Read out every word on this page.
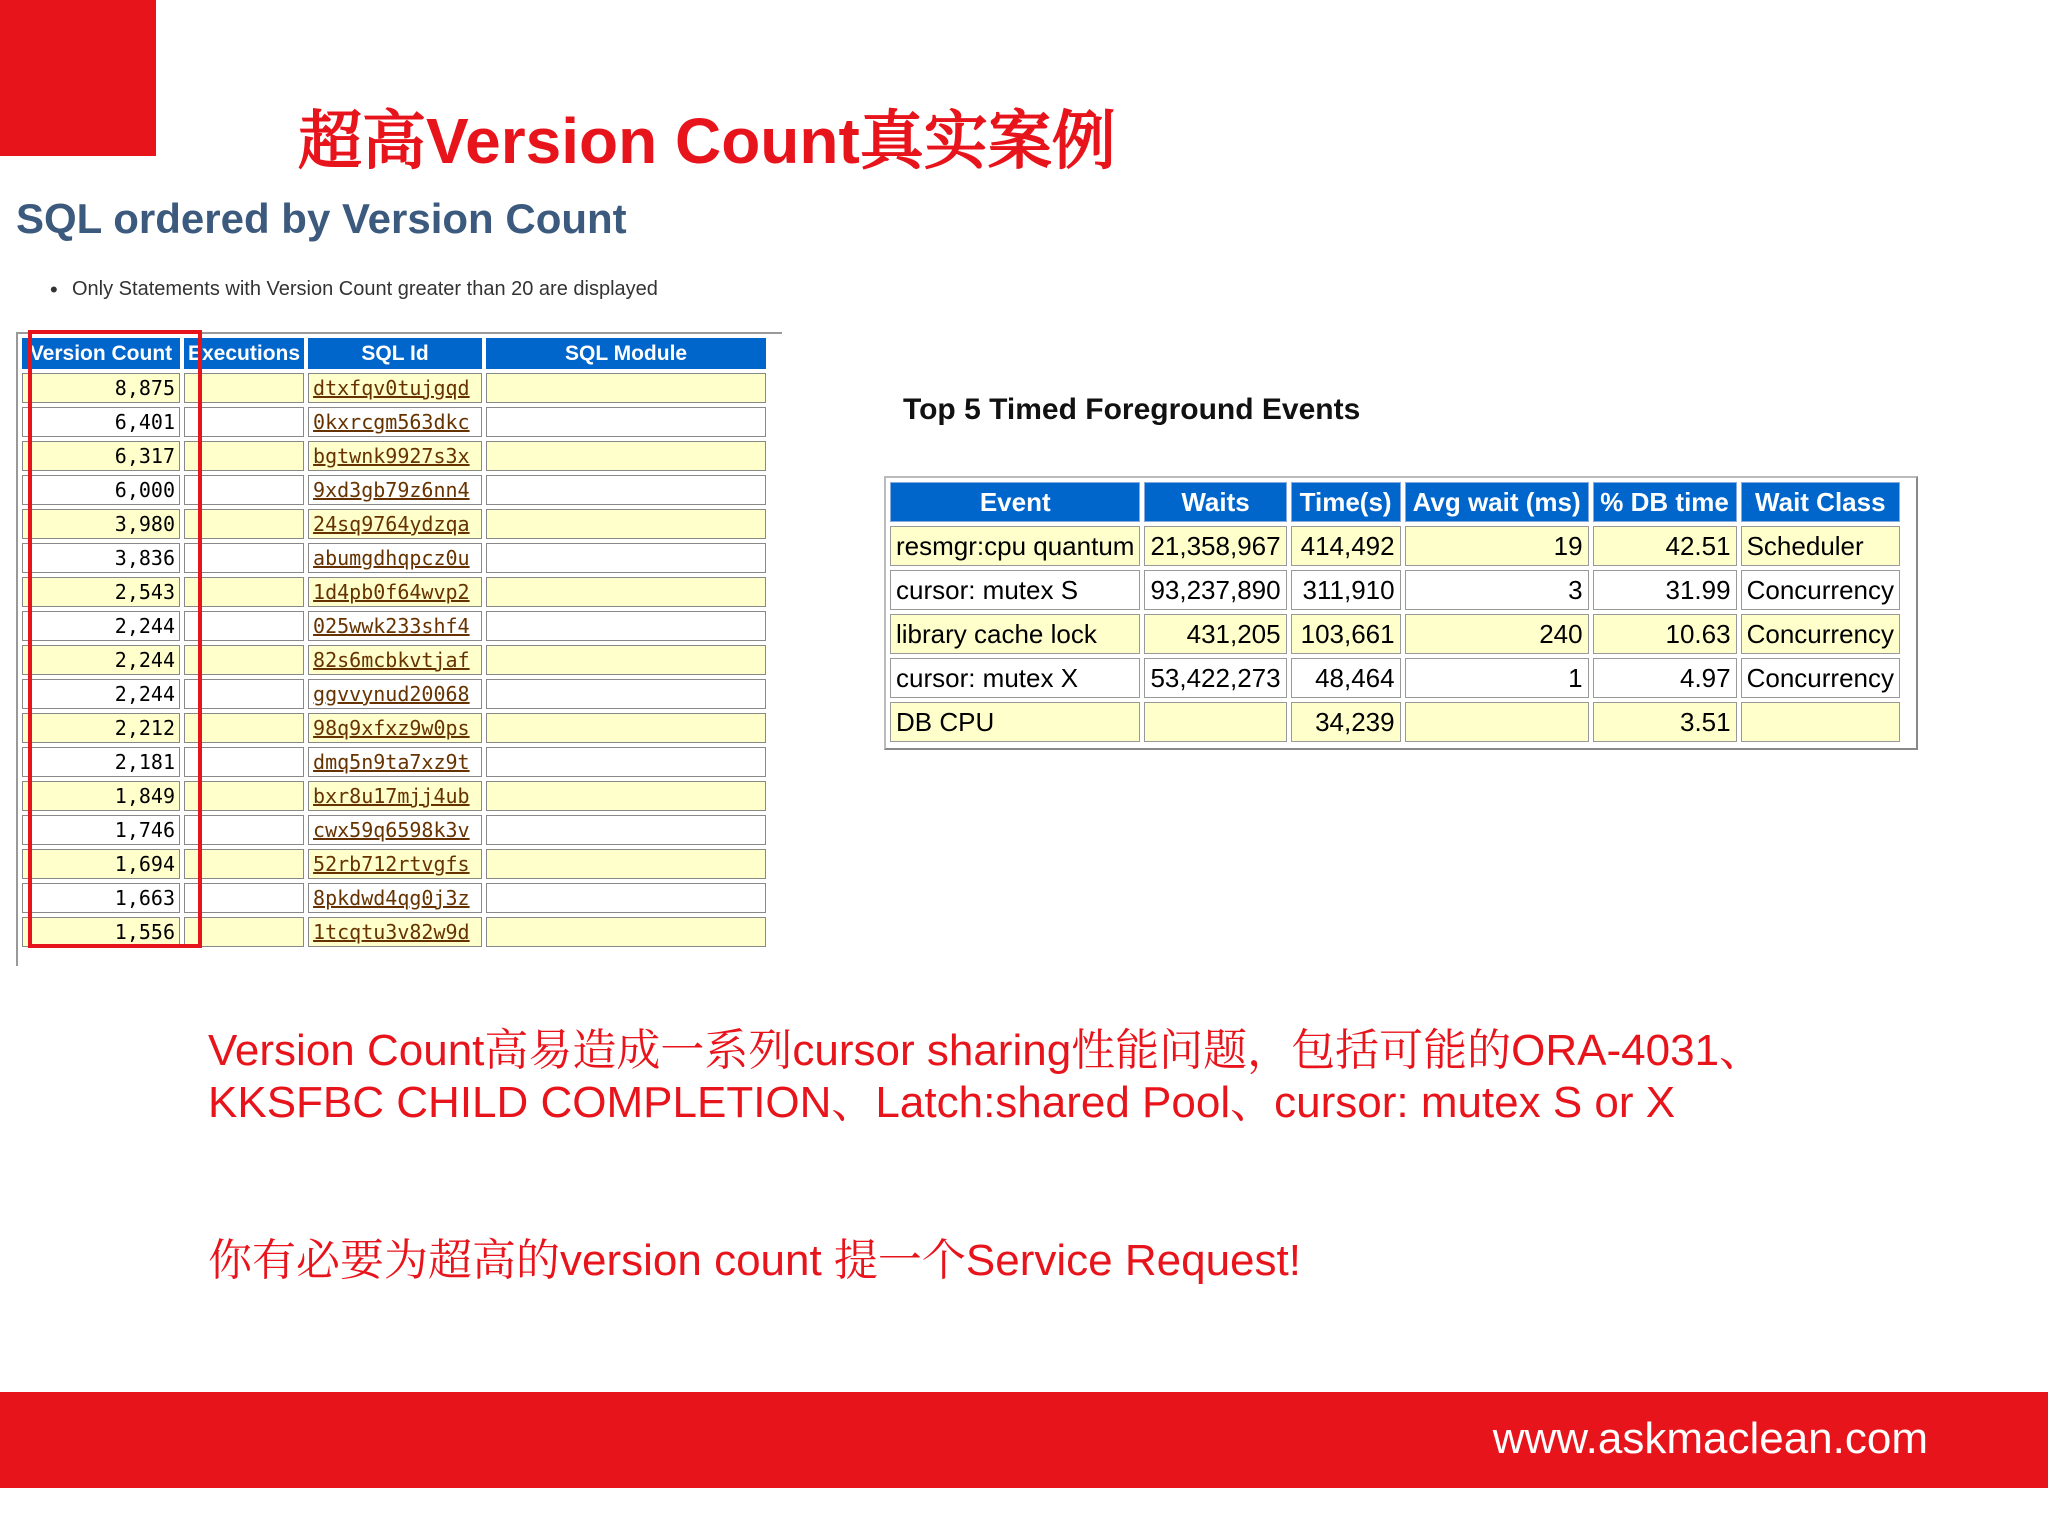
超高Version Count真实案例
SQL ordered by Version Count
• Only Statements with Version Count greater than 20 are displayed
Version Count	Executions	SQL Id	SQL Module
8,875		dtxfqv0tujgqd	
6,401		0kxrcgm563dkc	
6,317		bgtwnk9927s3x	
6,000		9xd3gb79z6nn4	
3,980		24sq9764ydzqa	
3,836		abumgdhqpcz0u	
2,543		1d4pb0f64wvp2	
2,244		025wwk233shf4	
2,244		82s6mcbkvtjaf	
2,244		ggvvynud20068	
2,212		98q9xfxz9w0ps	
2,181		dmq5n9ta7xz9t	
1,849		bxr8u17mjj4ub	
1,746		cwx59q6598k3v	
1,694		52rb712rtvgfs	
1,663		8pkdwd4qg0j3z	
1,556		1tcqtu3v82w9d	
Top 5 Timed Foreground Events
Event	Waits	Time(s)	Avg wait (ms)	% DB time	Wait Class
resmgr:cpu quantum	21,358,967	414,492	19	42.51	Scheduler
cursor: mutex S	93,237,890	311,910	3	31.99	Concurrency
library cache lock	431,205	103,661	240	10.63	Concurrency
cursor: mutex X	53,422,273	48,464	1	4.97	Concurrency
DB CPU		34,239		3.51	
Version Count高易造成一系列cursor sharing性能问题，包括可能的ORA-4031、KKSFBC CHILD COMPLETION、Latch:shared Pool、cursor: mutex S or X
你有必要为超高的version count 提一个Service Request!
www.askmaclean.com
